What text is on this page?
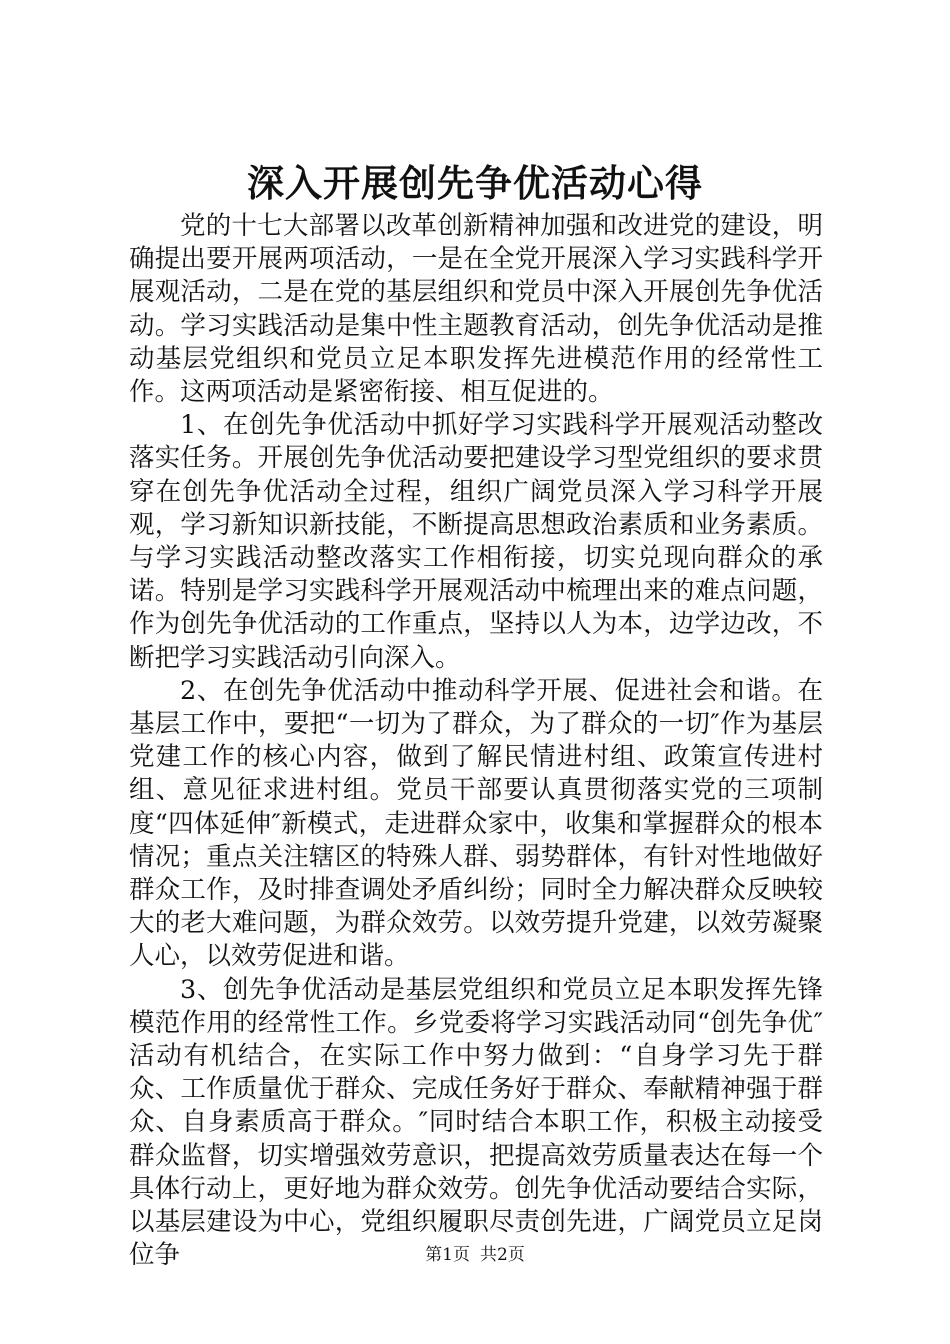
深入开展创先争优活动心得

党的十七大部署以改革创新精神加强和改进党的建设，明确提出要开展两项活动，一是在全党开展深入学习实践科学开展观活动，二是在党的基层组织和党员中深入开展创先争优活动。学习实践活动是集中性主题教育活动，创先争优活动是推动基层党组织和党员立足本职发挥先进模范作用的经常性工作。这两项活动是紧密衔接、相互促进的。

1、在创先争优活动中抓好学习实践科学开展观活动整改落实任务。开展创先争优活动要把建设学习型党组织的要求贯穿在创先争优活动全过程，组织广阔党员深入学习科学开展观，学习新知识新技能，不断提高思想政治素质和业务素质。与学习实践活动整改落实工作相衔接，切实兑现向群众的承诺。特别是学习实践科学开展观活动中梳理出来的难点问题，作为创先争优活动的工作重点，坚持以人为本，边学边改，不断把学习实践活动引向深入。

2、在创先争优活动中推动科学开展、促进社会和谐。在基层工作中，要把“一切为了群众，为了群众的一切″作为基层党建工作的核心内容，做到了解民情进村组、政策宣传进村组、意见征求进村组。党员干部要认真贯彻落实党的三项制度“四体延伸″新模式，走进群众家中，收集和掌握群众的根本情况；重点关注辖区的特殊人群、弱势群体，有针对性地做好群众工作，及时排查调处矛盾纠纷；同时全力解决群众反映较大的老大难问题，为群众效劳。以效劳提升党建，以效劳凝聚人心，以效劳促进和谐。

3、创先争优活动是基层党组织和党员立足本职发挥先锋模范作用的经常性工作。乡党委将学习实践活动同“创先争优″活动有机结合，在实际工作中努力做到：“自身学习先于群众、工作质量优于群众、完成任务好于群众、奉献精神强于群众、自身素质高于群众。″同时结合本职工作，积极主动接受群众监督，切实增强效劳意识，把提高效劳质量表达在每一个具体行动上，更好地为群众效劳。创先争优活动要结合实际，以基层建设为中心，党组织履职尽责创先进，广阔党员立足岗位争	第1页 共2页
